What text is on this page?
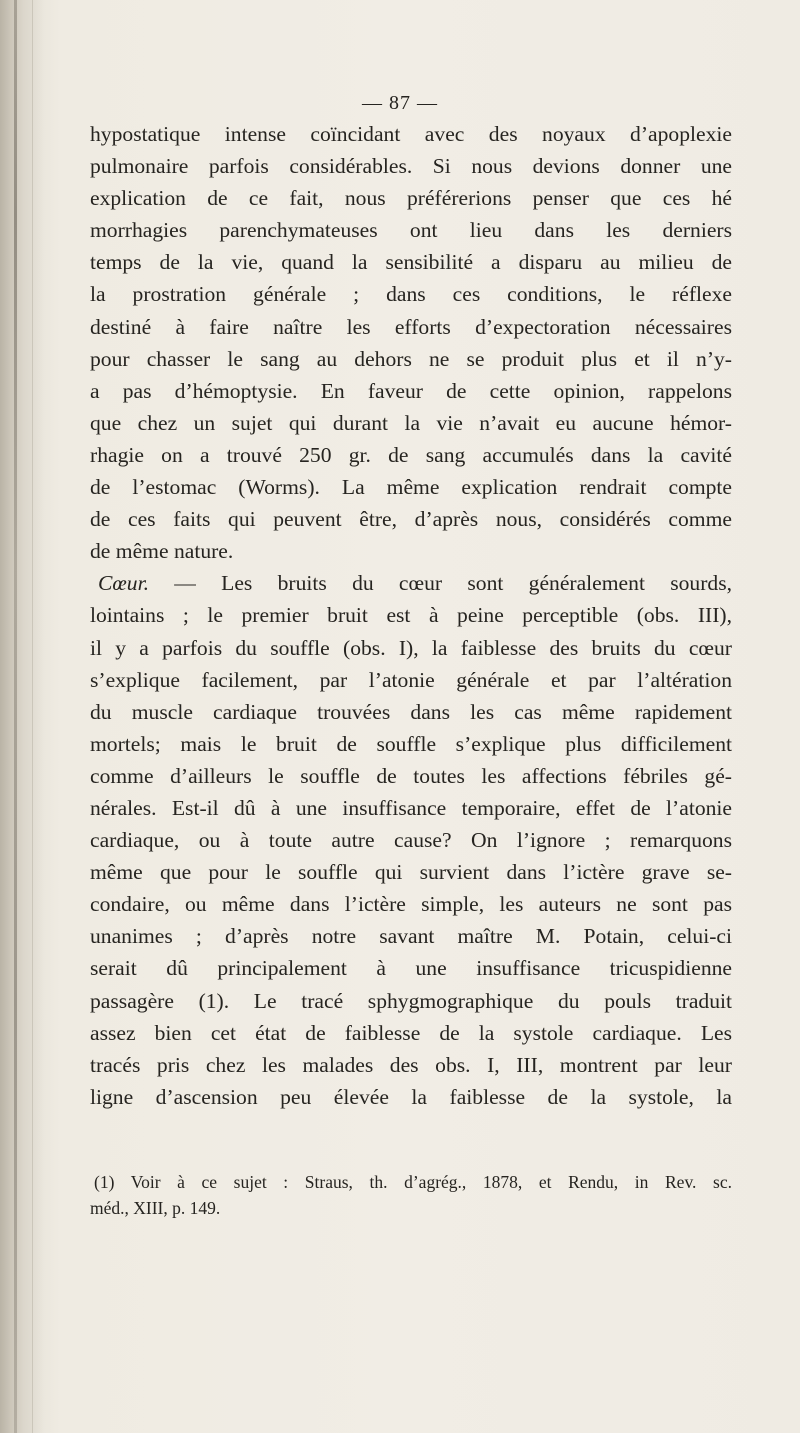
— 87 —

hypostatique intense coïncidant avec des noyaux d’apoplexie
pulmonaire parfois considérables. Si nous devions donner une
explication de ce fait, nous préférerions penser que ces hé
morrhagies parenchymateuses ont lieu dans les derniers
temps de la vie, quand la sensibilité a disparu au milieu de
la prostration générale ; dans ces conditions, le réflexe
destiné à faire naître les efforts d’expectoration nécessaires
pour chasser le sang au dehors ne se produit plus et il n’y-
a pas d’hémoptysie. En faveur de cette opinion, rappelons
que chez un sujet qui durant la vie n’avait eu aucune hémor-
rhagie on a trouvé 250 gr. de sang accumulés dans la cavité
de l’estomac (Worms). La même explication rendrait compte
de ces faits qui peuvent être, d’après nous, considérés comme
de même nature.

Cœur. — Les bruits du cœur sont généralement sourds,
lointains ; le premier bruit est à peine perceptible (obs. III),
il y a parfois du souffle (obs. I), la faiblesse des bruits du cœur
s’explique facilement, par l’atonie générale et par l’altération
du muscle cardiaque trouvées dans les cas même rapidement
mortels; mais le bruit de souffle s’explique plus difficilement
comme d’ailleurs le souffle de toutes les affections fébriles gé-
nérales. Est-il dû à une insuffisance temporaire, effet de l’atonie
cardiaque, ou à toute autre cause? On l’ignore ; remarquons
même que pour le souffle qui survient dans l’ictère grave se-
condaire, ou même dans l’ictère simple, les auteurs ne sont pas
unanimes ; d’après notre savant maître M. Potain, celui-ci
serait dû principalement à une insuffisance tricuspidienne
passagère (1). Le tracé sphygmographique du pouls traduit
assez bien cet état de faiblesse de la systole cardiaque. Les
tracés pris chez les malades des obs. I, III, montrent par leur
ligne d’ascension peu élevée la faiblesse de la systole, la

(1) Voir à ce sujet : Straus, th. d’agrég., 1878, et Rendu, in Rev. sc.
méd., XIII, p. 149.
